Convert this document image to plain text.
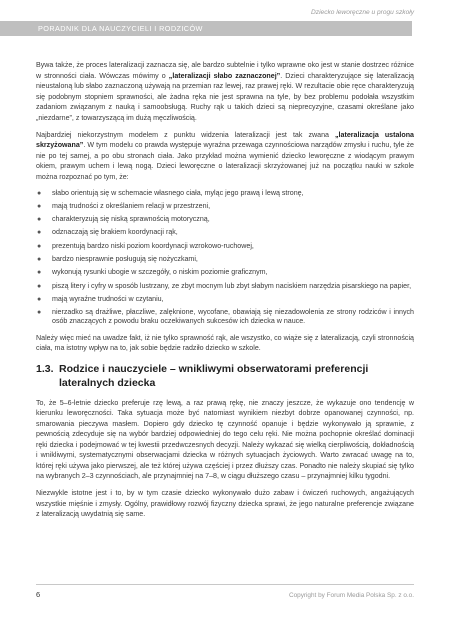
Dziecko leworęczne u progu szkoły
PORADNIK DLA NAUCZYCIELI I RODZICÓW

Bywa także, że proces lateralizacji zaznacza się, ale bardzo subtelnie i tylko wprawne oko jest w stanie dostrzec różnice w stronności ciała. Wówczas mówimy o „lateralizacji słabo zaznaczonej”. Dzieci charakteryzujące się lateralizacją nieustaloną lub słabo zaznaczoną używają na przemian raz lewej, raz prawej ręki. W rezultacie obie ręce charakteryzują się podobnym stopniem sprawności, ale żadna ręka nie jest sprawna na tyle, by bez problemu podołała wszystkim zadaniom związanym z nauką i samoobsługą. Ruchy rąk u takich dzieci są nieprecyzyjne, czasami określane jako „niezdarne”, z towarzyszącą im dużą męczliwością.

Najbardziej niekorzystnym modelem z punktu widzenia lateralizacji jest tak zwana „lateralizacja ustalona skrzyżowana”. W tym modelu co prawda występuje wyraźna przewaga czynnościowa narządów zmysłu i ruchu, tyle że nie po tej samej, a po obu stronach ciała. Jako przykład można wymienić dziecko leworęczne z wiodącym prawym okiem, prawym uchem i lewą nogą. Dzieci leworęczne o lateralizacji skrzyżowanej już na początku nauki w szkole można rozpoznać po tym, że:

● słabo orientują się w schemacie własnego ciała, myląc jego prawą i lewą stronę,
● mają trudności z określaniem relacji w przestrzeni,
● charakteryzują się niską sprawnością motoryczną,
● odznaczają się brakiem koordynacji rąk,
● prezentują bardzo niski poziom koordynacji wzrokowo-ruchowej,
● bardzo niesprawnie posługują się nożyczkami,
● wykonują rysunki ubogie w szczegóły, o niskim poziomie graficznym,
● piszą litery i cyfry w sposób lustrzany, ze zbyt mocnym lub zbyt słabym naciskiem narzędzia pisarskiego na papier,
● mają wyraźne trudności w czytaniu,
● nierzadko są drażliwe, płaczliwe, zalęknione, wycofane, obawiają się niezadowolenia ze strony rodziców i innych osób znaczących z powodu braku oczekiwanych sukcesów ich dziecka w nauce.

Należy więc mieć na uwadze fakt, iż nie tylko sprawność rąk, ale wszystko, co wiąże się z lateralizacją, czyli stronnością ciała, ma istotny wpływ na to, jak sobie będzie radziło dziecko w szkole.

1.3. Rodzice i nauczyciele – wnikliwymi obserwatorami preferencji lateralnych dziecka

To, że 5–6-letnie dziecko preferuje rzę lewą, a raz prawą rękę, nie znaczy jeszcze, że wykazuje ono tendencję w kierunku leworęczności. Taka sytuacja może być natomiast wynikiem niezbyt dobrze opanowanej czynności, np. smarowania pieczywa masłem. Dopiero gdy dziecko tę czynność opanuje i będzie wykonywało ją sprawnie, z pewnością zdecyduje się na wybór bardziej odpowiedniej do tego celu ręki. Nie można pochopnie określać dominacji ręki dziecka i podejmować w tej kwestii przedwczesnych decyzji. Należy wykazać się wielką cierpliwością, dokładnością i wnikliwymi, systematycznymi obserwacjami dziecka w różnych sytuacjach życiowych. Warto zwracać uwagę na to, której ręki używa jako pierwszej, ale też której używa częściej i przez dłuższy czas. Ponadto nie należy skupiać się tylko na wybranych 2–3 czynnościach, ale przynajmniej na 7–8, w ciągu dłuższego czasu – przynajmniej kilku tygodni.

Niezwykle istotne jest i to, by w tym czasie dziecko wykonywało dużo zabaw i ćwiczeń ruchowych, angażujących wszystkie mięśnie i zmysły. Ogólny, prawidłowy rozwój fizyczny dziecka sprawi, że jego naturalne preferencje związane z lateralizacją uwydatnią się same.

6	Copyright by Forum Media Polska Sp. z o.o.
